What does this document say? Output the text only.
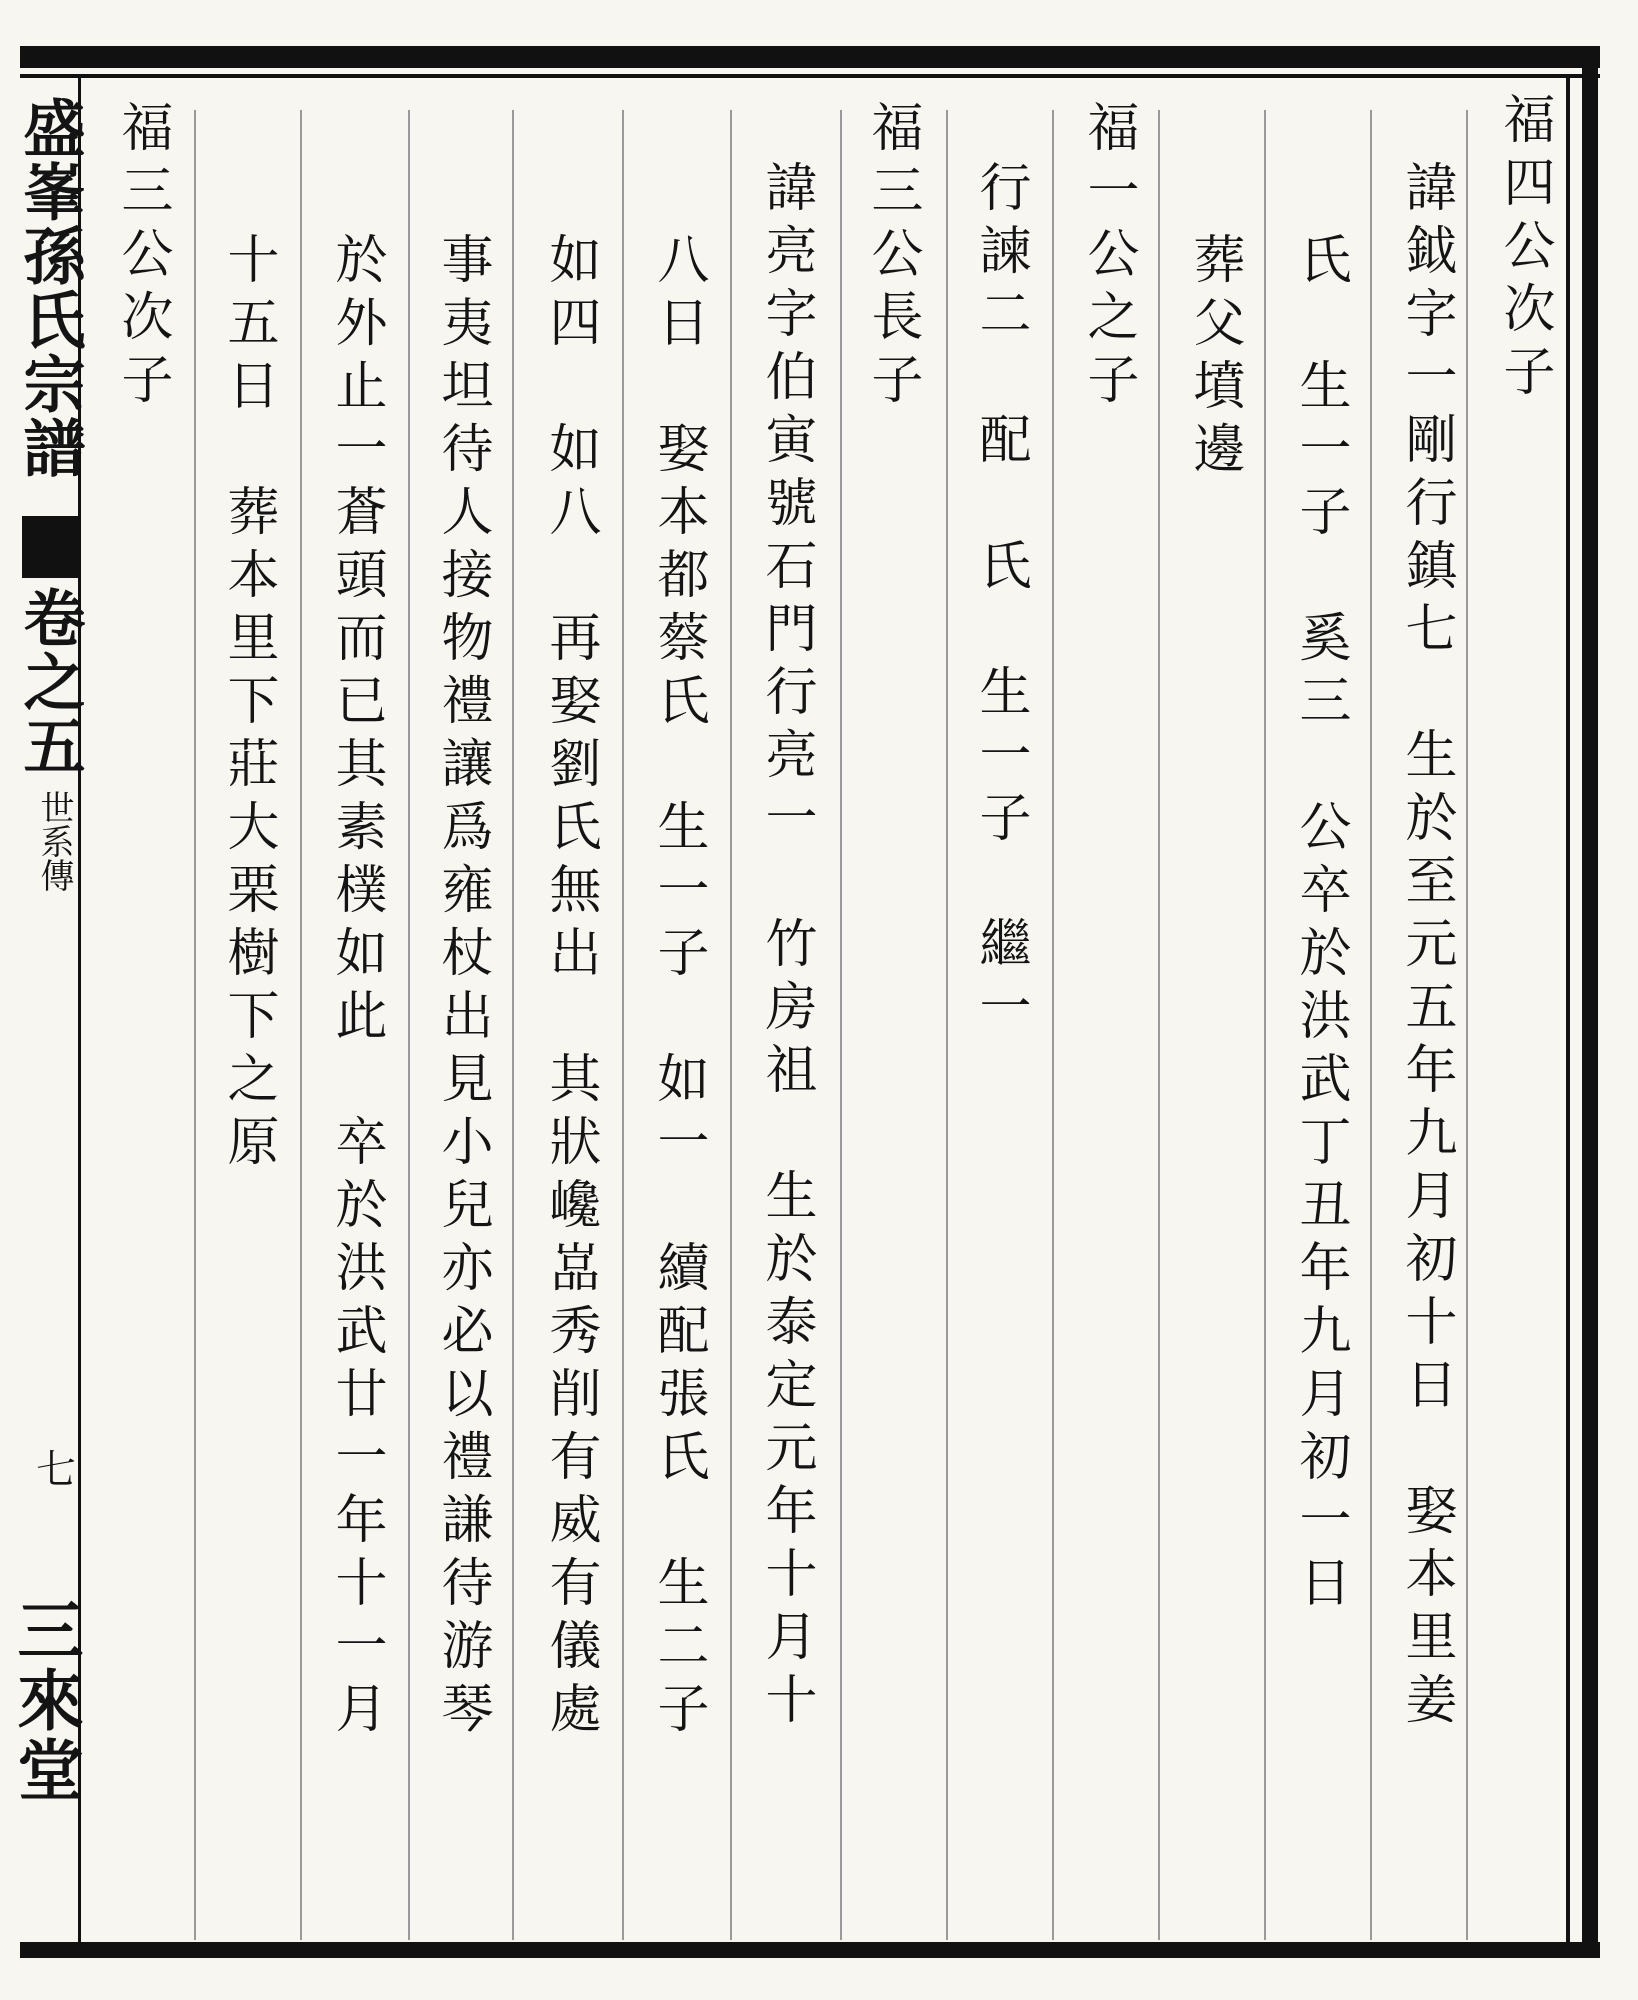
盛峯孫氏宗譜
卷之五
世系傳
七
三來堂
福四公次子
諱鉞字一剛行鎮七　生於至元五年九月初十日　娶本里姜
氏　生一子　奚三　公卒於洪武丁丑年九月初一日
葬父墳邊
福一公之子
行諫二　配　氏　生一子　繼一
福三公長子
諱亮字伯寅號石門行亮一　竹房祖　生於泰定元年十月十
八日　娶本都蔡氏　生一子　如一　續配張氏　生二子
如四　如八　再娶劉氏無出　其狀巉嵓秀削有威有儀處
事夷坦待人接物禮讓爲雍杖出見小兒亦必以禮謙待游琴
於外止一蒼頭而已其素樸如此　卒於洪武廿一年十一月
十五日　葬本里下莊大栗樹下之原
福三公次子
